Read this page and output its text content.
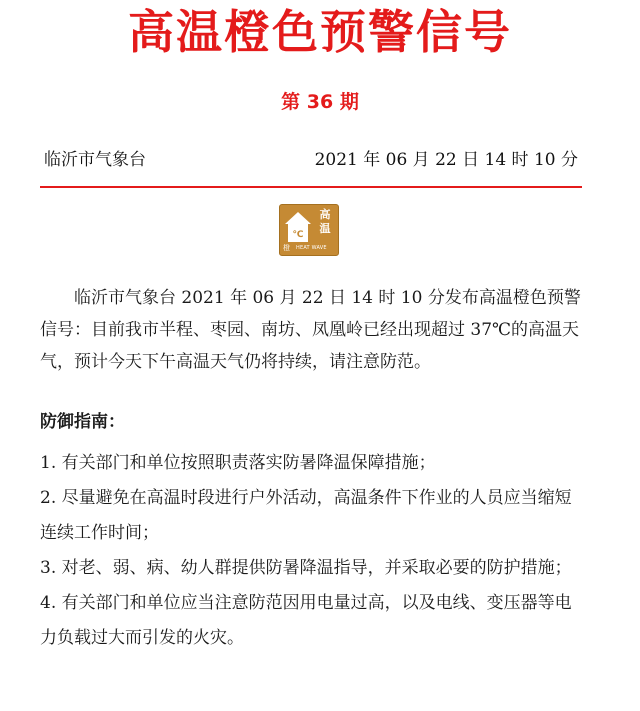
高温橙色预警信号
第 36 期
临沂市气象台	2021 年 06 月 22 日 14 时 10 分
℃
高温
橙 HEAT WAVE

临沂市气象台 2021 年 06 月 22 日 14 时 10 分发布高温橙色预警信号：目前我市半程、枣园、南坊、凤凰岭已经出现超过 37℃的高温天气，预计今天下午高温天气仍将持续，请注意防范。

防御指南：
1. 有关部门和单位按照职责落实防暑降温保障措施；
2. 尽量避免在高温时段进行户外活动，高温条件下作业的人员应当缩短连续工作时间；
3. 对老、弱、病、幼人群提供防暑降温指导，并采取必要的防护措施；
4. 有关部门和单位应当注意防范因用电量过高，以及电线、变压器等电力负载过大而引发的火灾。
